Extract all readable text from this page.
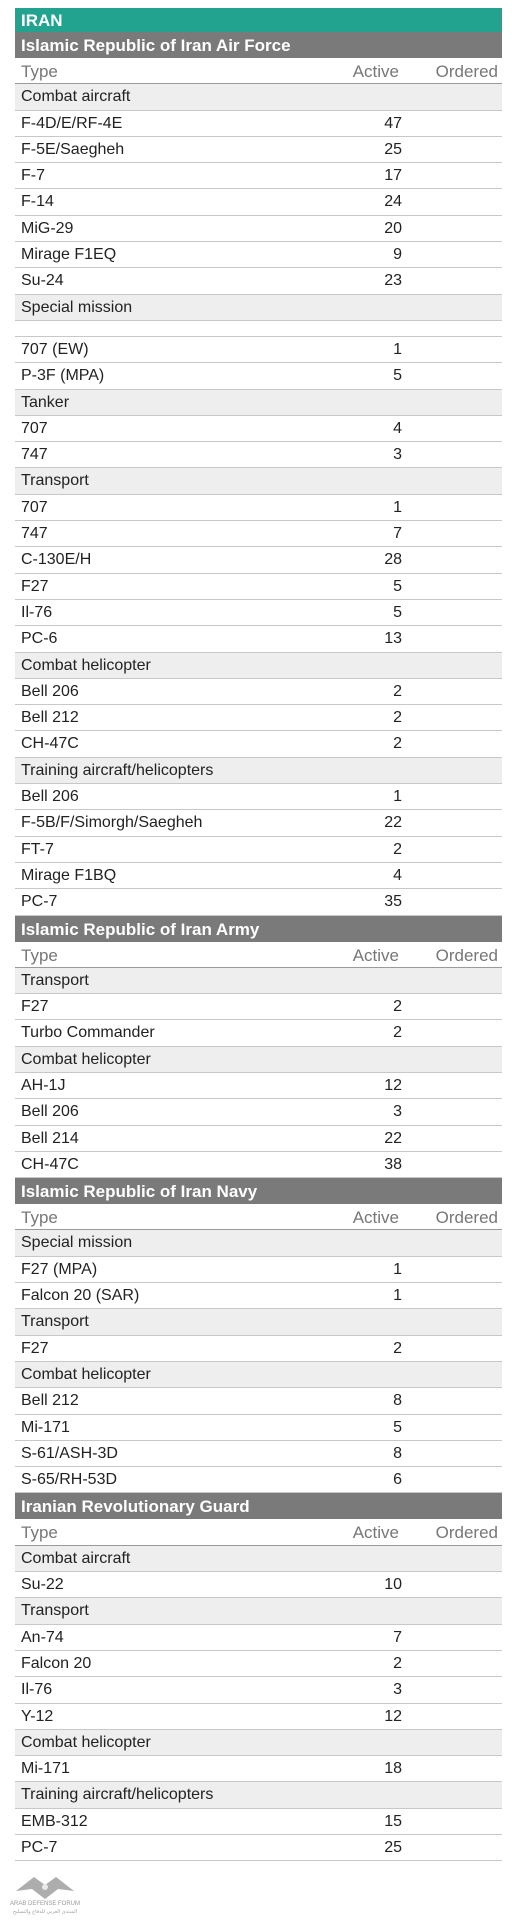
IRAN
Islamic Republic of Iran Air Force
Type	Active Ordered
Combat aircraft
F-4D/E/RF-4E	47
F-5E/Saegheh	25
F-7	17
F-14	24
MiG-29	20
Mirage F1EQ	9
Su-24	23
Special mission
707 (EW)	1
P-3F (MPA)	5
Tanker
707	4
747	3
Transport
707	1
747	7
C-130E/H	28
F27	5
Il-76	5
PC-6	13
Combat helicopter
Bell 206	2
Bell 212	2
CH-47C	2
Training aircraft/helicopters
Bell 206	1
F-5B/F/Simorgh/Saegheh	22
FT-7	2
Mirage F1BQ	4
PC-7	35
Islamic Republic of Iran Army
Type	Active Ordered
Transport
F27	2
Turbo Commander	2
Combat helicopter
AH-1J	12
Bell 206	3
Bell 214	22
CH-47C	38
Islamic Republic of Iran Navy
Type	Active Ordered
Special mission
F27 (MPA)	1
Falcon 20 (SAR)	1
Transport
F27	2
Combat helicopter
Bell 212	8
Mi-171	5
S-61/ASH-3D	8
S-65/RH-53D	6
Iranian Revolutionary Guard
Type	Active Ordered
Combat aircraft
Su-22	10
Transport
An-74	7
Falcon 20	2
Il-76	3
Y-12	12
Combat helicopter
Mi-171	18
Training aircraft/helicopters
EMB-312	15
PC-7	25
ARAB DEFENSE FORUM
المنتدى العربي للدفاع والتسليح
